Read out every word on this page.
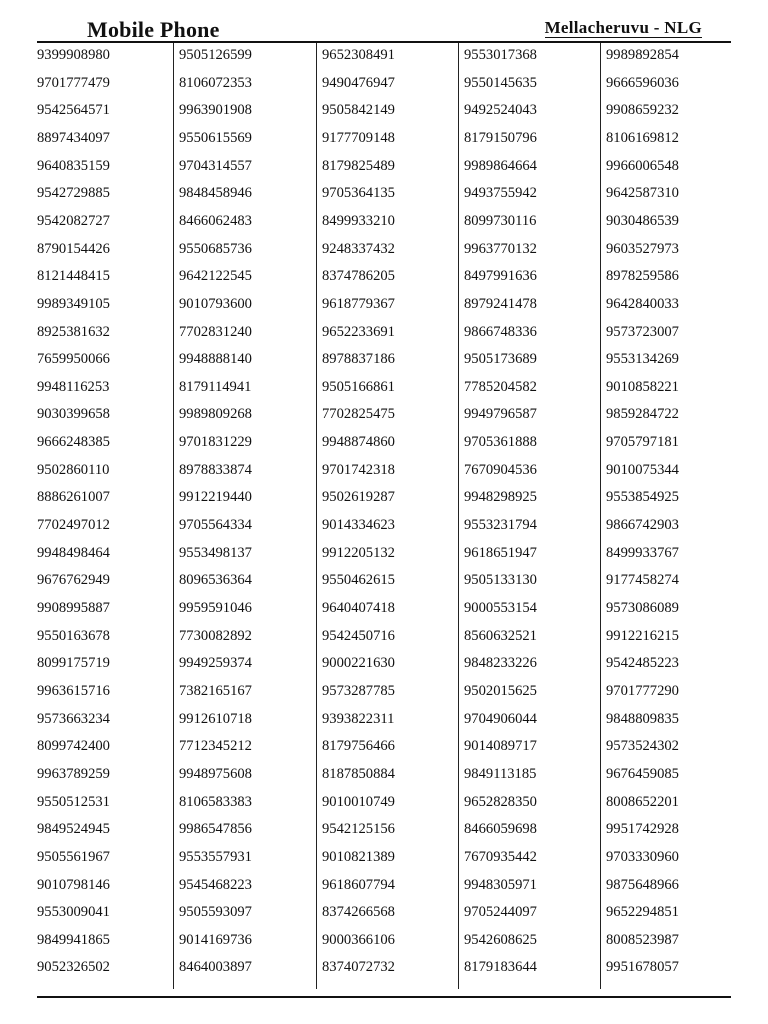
Mobile Phone	Mellacheruvu - NLG
9399908980
9701777479
9542564571
8897434097
9640835159
9542729885
9542082727
8790154426
8121448415
9989349105
8925381632
7659950066
9948116253
9030399658
9666248385
9502860110
8886261007
7702497012
9948498464
9676762949
9908995887
9550163678
8099175719
9963615716
9573663234
8099742400
9963789259
9550512531
9849524945
9505561967
9010798146
9553009041
9849941865
9052326502
9505126599
8106072353
9963901908
9550615569
9704314557
9848458946
8466062483
9550685736
9642122545
9010793600
7702831240
9948888140
8179114941
9989809268
9701831229
8978833874
9912219440
9705564334
9553498137
8096536364
9959591046
7730082892
9949259374
7382165167
9912610718
7712345212
9948975608
8106583383
9986547856
9553557931
9545468223
9505593097
9014169736
8464003897
9652308491
9490476947
9505842149
9177709148
8179825489
9705364135
8499933210
9248337432
8374786205
9618779367
9652233691
8978837186
9505166861
7702825475
9948874860
9701742318
9502619287
9014334623
9912205132
9550462615
9640407418
9542450716
9000221630
9573287785
9393822311
8179756466
8187850884
9010010749
9542125156
9010821389
9618607794
8374266568
9000366106
8374072732
9553017368
9550145635
9492524043
8179150796
9989864664
9493755942
8099730116
9963770132
8497991636
8979241478
9866748336
9505173689
7785204582
9949796587
9705361888
7670904536
9948298925
9553231794
9618651947
9505133130
9000553154
8560632521
9848233226
9502015625
9704906044
9014089717
9849113185
9652828350
8466059698
7670935442
9948305971
9705244097
9542608625
8179183644
9989892854
9666596036
9908659232
8106169812
9966006548
9642587310
9030486539
9603527973
8978259586
9642840033
9573723007
9553134269
9010858221
9859284722
9705797181
9010075344
9553854925
9866742903
8499933767
9177458274
9573086089
9912216215
9542485223
9701777290
9848809835
9573524302
9676459085
8008652201
9951742928
9703330960
9875648966
9652294851
8008523987
9951678057
